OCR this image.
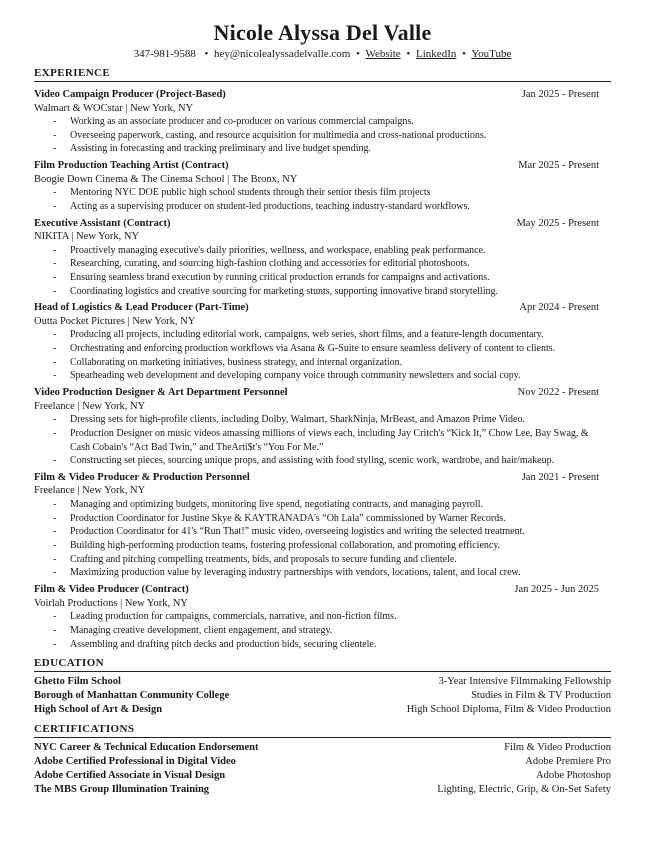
Nicole Alyssa Del Valle
347-981-9588  • hey@nicolealyssadelvalle.com • Website • LinkedIn • YouTube
EXPERIENCE
Video Campaign Producer (Project-Based)	Jan 2025 - Present
Walmart & WOCstar | New York, NY
- Working as an associate producer and co-producer on various commercial campaigns.
- Overseeing paperwork, casting, and resource acquisition for multimedia and cross-national productions.
- Assisting in forecasting and tracking preliminary and live budget spending.
Film Production Teaching Artist (Contract)	Mar 2025 - Present
Boogie Down Cinema & The Cinema School | The Bronx, NY
- Mentoring NYC DOE public high school students through their senior thesis film projects
- Acting as a supervising producer on student-led productions, teaching industry-standard workflows.
Executive Assistant (Contract)	May 2025 - Present
NIKITA | New York, NY
- Proactively managing executive's daily priorities, wellness, and workspace, enabling peak performance.
- Researching, curating, and sourcing high-fashion clothing and accessories for editorial photoshoots.
- Ensuring seamless brand execution by running critical production errands for campaigns and activations.
- Coordinating logistics and creative sourcing for marketing stunts, supporting innovative brand storytelling.
Head of Logistics & Lead Producer (Part-Time)	Apr 2024 - Present
Outta Pocket Pictures | New York, NY
- Producing all projects, including editorial work, campaigns, web series, short films, and a feature-length documentary.
- Orchestrating and enforcing production workflows via Asana & G-Suite to ensure seamless delivery of content to clients.
- Collaborating on marketing initiatives, business strategy, and internal organization.
- Spearheading web development and developing company voice through community newsletters and social copy.
Video Production Designer & Art Department Personnel	Nov 2022 - Present
Freelance | New York, NY
- Dressing sets for high-profile clients, including Dolby, Walmart, SharkNinja, MrBeast, and Amazon Prime Video.
- Production Designer on music videos amassing millions of views each, including Jay Critch's “Kick It,” Chow Lee, Bay Swag, & Cash Cobain's “Act Bad Twin,” and TheArti$t's “You For Me.”
- Constructing set pieces, sourcing unique props, and assisting with food styling, scenic work, wardrobe, and hair/makeup.
Film & Video Producer & Production Personnel	Jan 2021 - Present
Freelance | New York, NY
- Managing and optimizing budgets, monitoring live spend, negotiating contracts, and managing payroll.
- Production Coordinator for Justine Skye & KAYTRANADA's “Oh Lala” commissioned by Warner Records.
- Production Coordinator for 41's “Run That!” music video, overseeing logistics and writing the selected treatment.
- Building high-performing production teams, fostering professional collaboration, and promoting efficiency.
- Crafting and pitching compelling treatments, bids, and proposals to secure funding and clientele.
- Maximizing production value by leveraging industry partnerships with vendors, locations, talent, and local crew.
Film & Video Producer (Contract)	Jan 2025 - Jun 2025
Voirlah Productions | New York, NY
- Leading production for campaigns, commercials, narrative, and non-fiction films.
- Managing creative development, client engagement, and strategy.
- Assembling and drafting pitch decks and production bids, securing clientele.
EDUCATION
Ghetto Film School	3-Year Intensive Filmmaking Fellowship
Borough of Manhattan Community College	Studies in Film & TV Production
High School of Art & Design	High School Diploma, Film & Video Production
CERTIFICATIONS
NYC Career & Technical Education Endorsement	Film & Video Production
Adobe Certified Professional in Digital Video	Adobe Premiere Pro
Adobe Certified Associate in Visual Design	Adobe Photoshop
The MBS Group Illumination Training	Lighting, Electric, Grip, & On-Set Safety
